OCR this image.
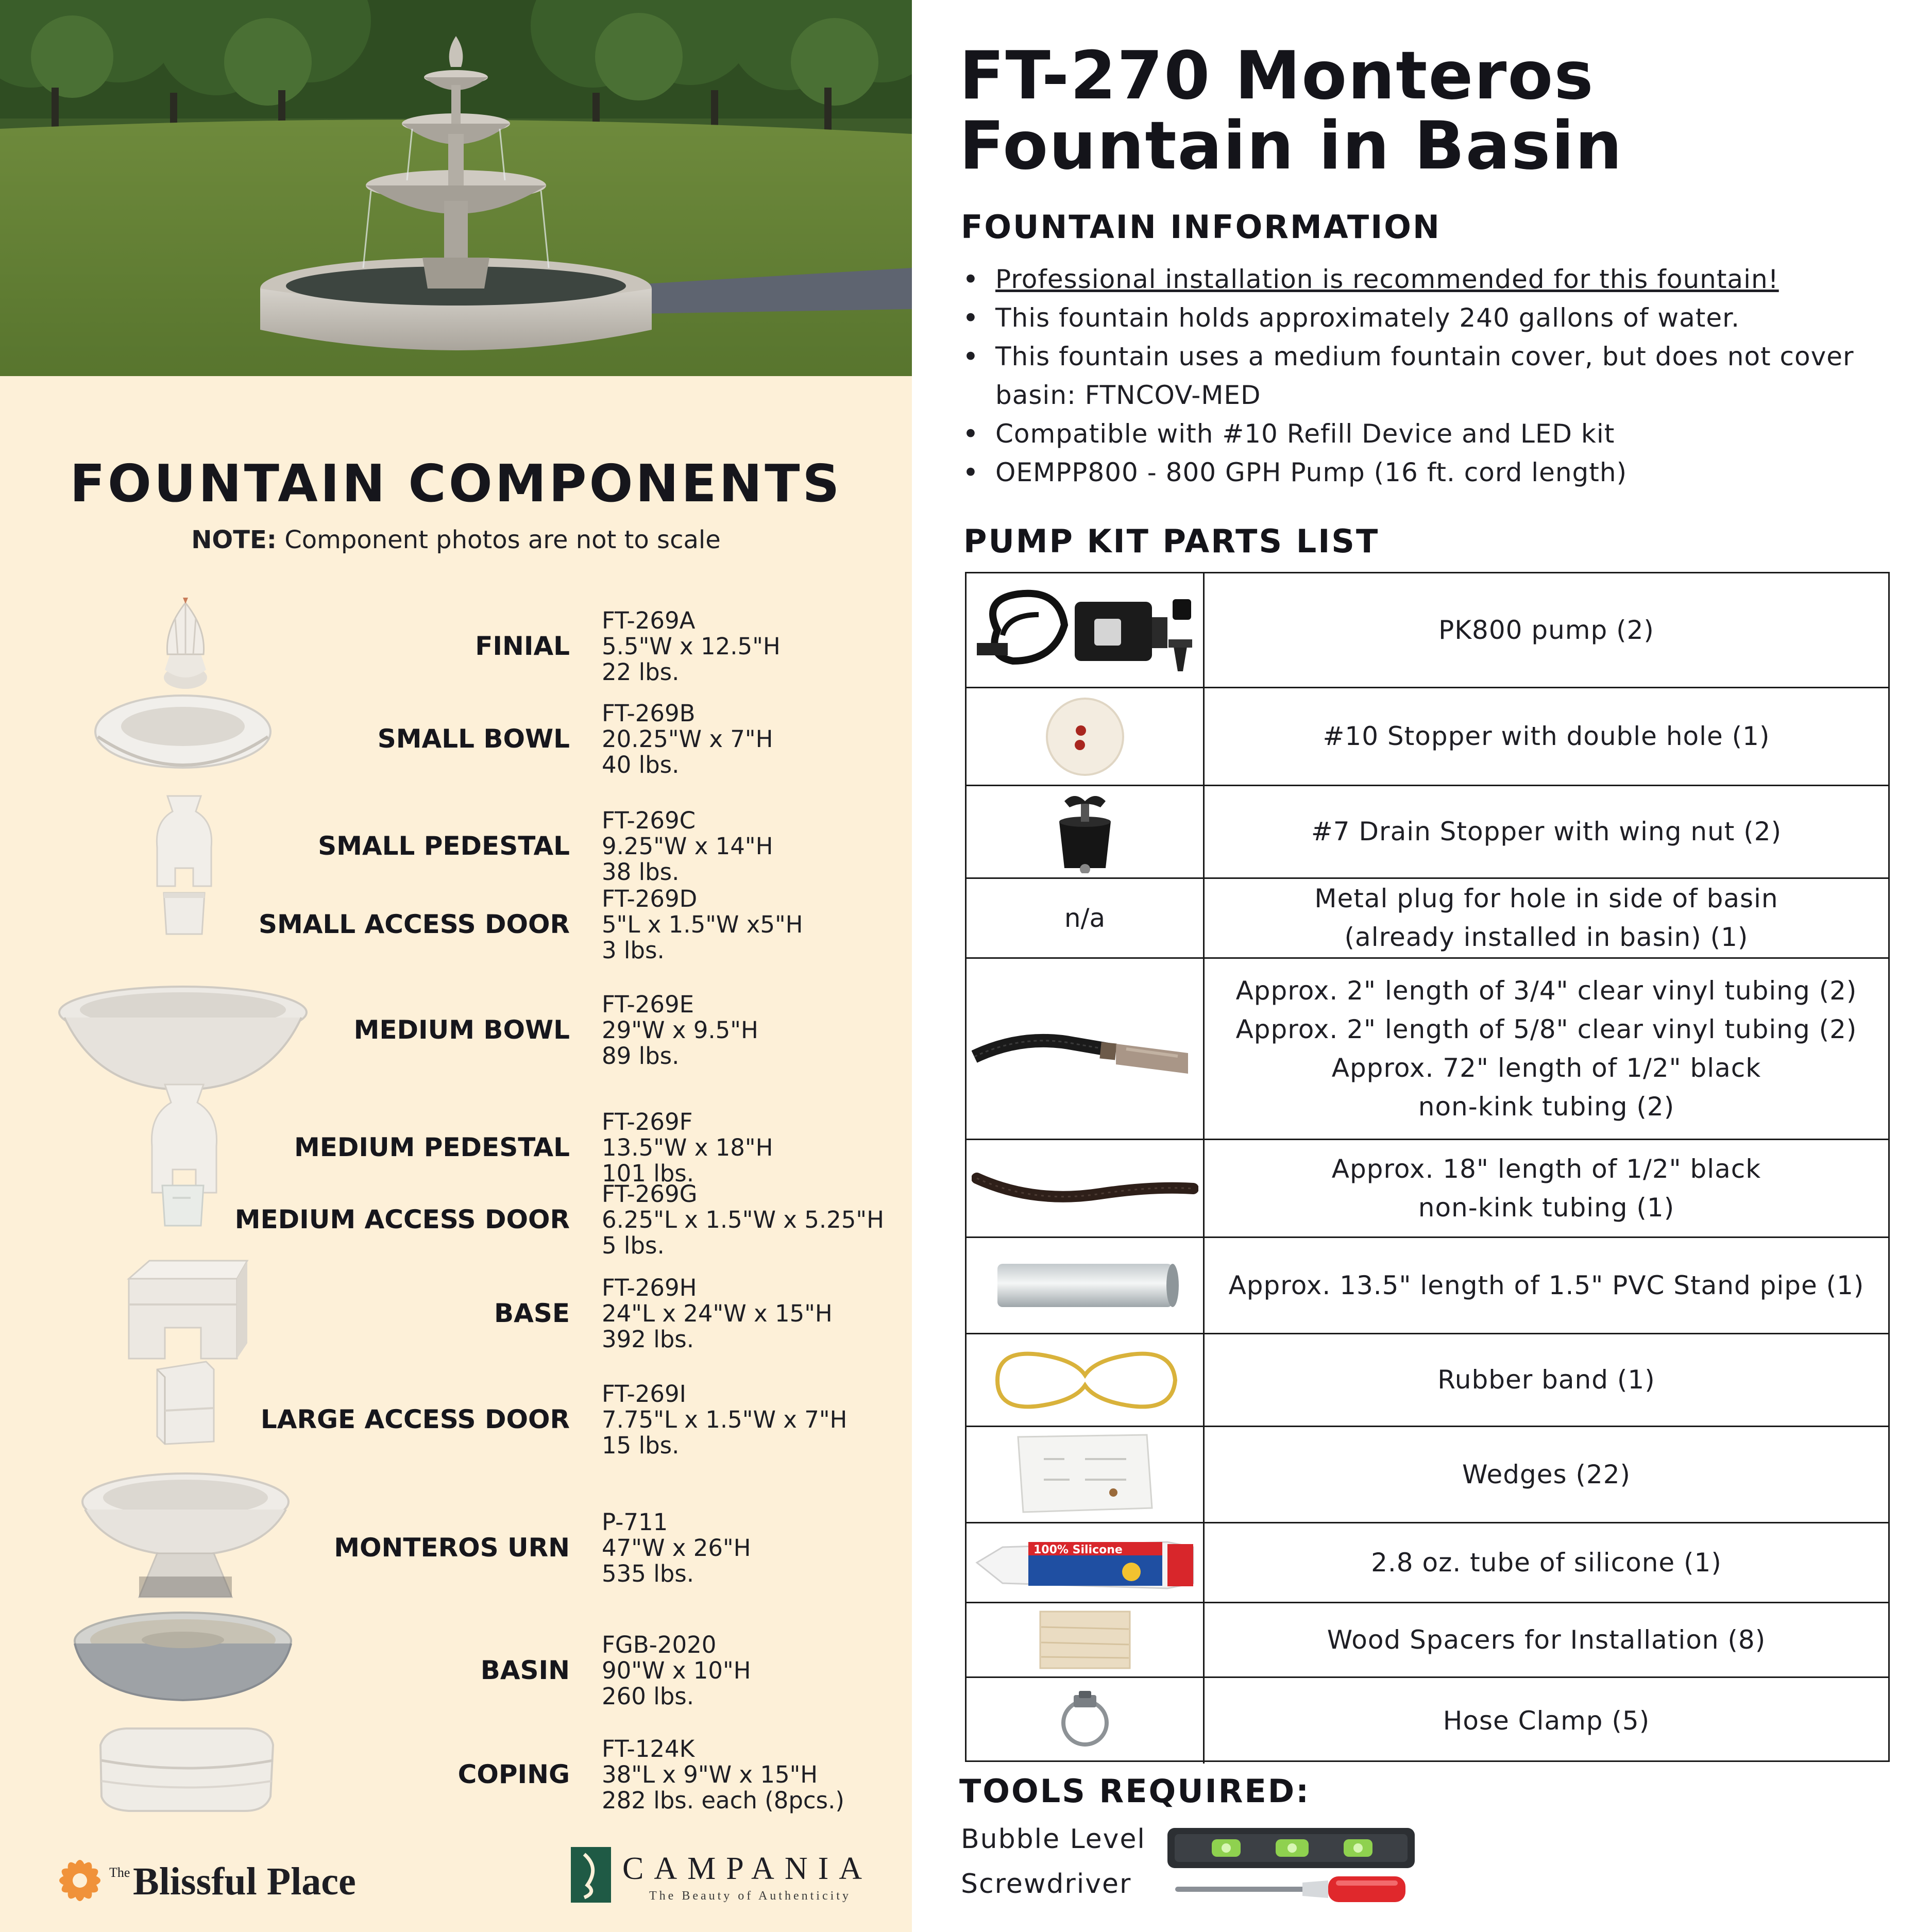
FOUNTAIN COMPONENTS
NOTE: Component photos are not to scale
FINIAL
FT-269A
5.5"W x 12.5"H
22 lbs.
SMALL BOWL
FT-269B
20.25"W x 7"H
40 lbs.
SMALL PEDESTAL
FT-269C
9.25"W x 14"H
38 lbs.
SMALL ACCESS DOOR
FT-269D
5"L x 1.5"W x5"H
3 lbs.
MEDIUM BOWL
FT-269E
29"W x 9.5"H
89 lbs.
MEDIUM PEDESTAL
FT-269F
13.5"W x 18"H
101 lbs.
MEDIUM ACCESS DOOR
FT-269G
6.25"L x 1.5"W x 5.25"H
5 lbs.
BASE
FT-269H
24"L x 24"W x 15"H
392 lbs.
LARGE ACCESS DOOR
FT-269I
7.75"L x 1.5"W x 7"H
15 lbs.
MONTEROS URN
P-711
47"W x 26"H
535 lbs.
BASIN
FGB-2020
90"W x 10"H
260 lbs.
COPING
FT-124K
38"L x 9"W x 15"H
282 lbs. each (8pcs.)
The Blissful Place	CAMPANIA
The Beauty of Authenticity
FT-270 Monteros Fountain in Basin
FOUNTAIN INFORMATION
• Professional installation is recommended for this fountain!
• This fountain holds approximately 240 gallons of water.
• This fountain uses a medium fountain cover, but does not cover basin: FTNCOV-MED
• Compatible with #10 Refill Device and LED kit
• OEMPP800 - 800 GPH Pump (16 ft. cord length)
PUMP KIT PARTS LIST
PK800 pump (2)
#10 Stopper with double hole (1)
#7 Drain Stopper with wing nut (2)
n/a
Metal plug for hole in side of basin
(already installed in basin) (1)
Approx. 2" length of 3/4" clear vinyl tubing (2)
Approx. 2" length of 5/8" clear vinyl tubing (2)
Approx. 72" length of 1/2" black
non-kink tubing (2)
Approx. 18" length of 1/2" black
non-kink tubing (1)
Approx. 13.5" length of 1.5" PVC Stand pipe (1)
Rubber band (1)
Wedges (22)
100% Silicone	2.8 oz. tube of silicone (1)
Wood Spacers for Installation (8)
Hose Clamp (5)
TOOLS REQUIRED:
Bubble Level
Screwdriver
